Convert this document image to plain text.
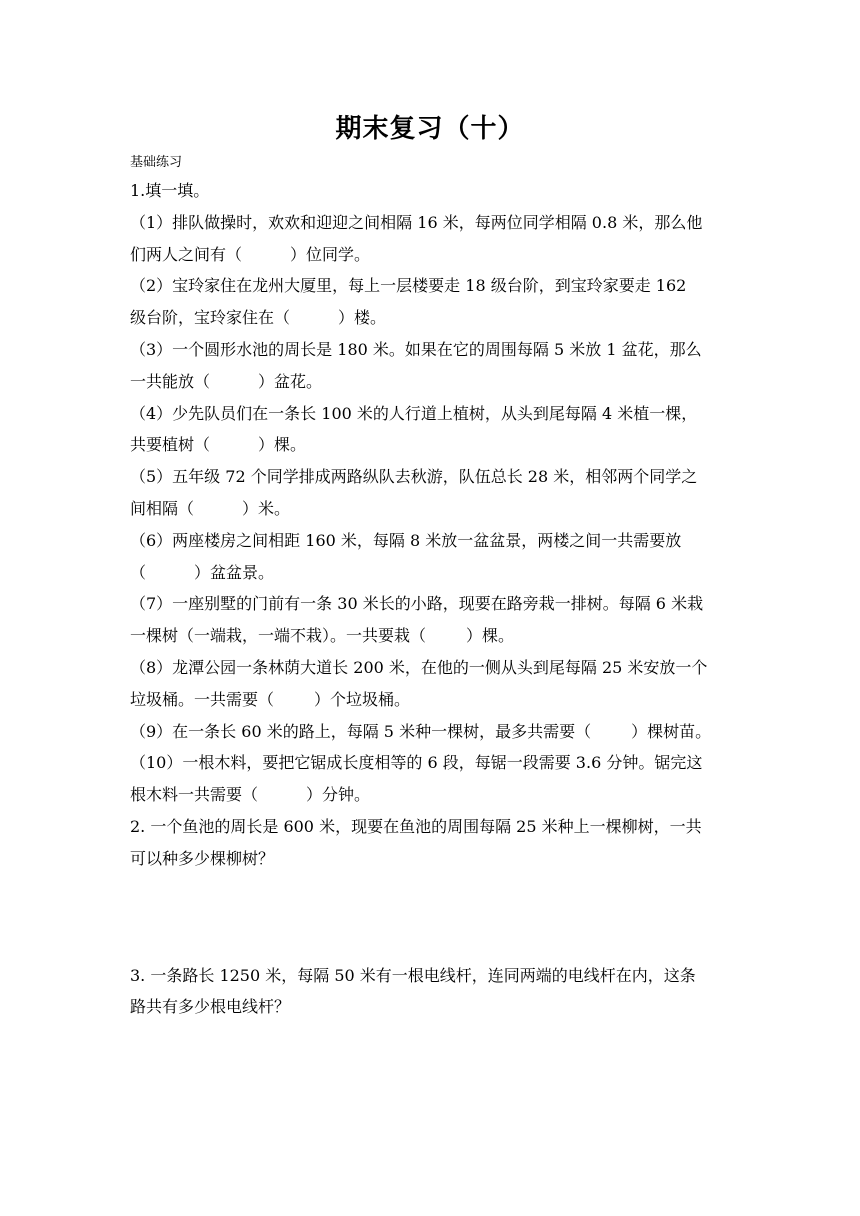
期末复习（十）
基础练习
1.填一填。
（1）排队做操时，欢欢和迎迎之间相隔 16 米，每两位同学相隔 0.8 米，那么他
们两人之间有（	）位同学。
（2）宝玲家住在龙州大厦里，每上一层楼要走 18 级台阶，到宝玲家要走 162
级台阶，宝玲家住在（	）楼。
（3）一个圆形水池的周长是 180 米。如果在它的周围每隔 5 米放 1 盆花，那么
一共能放（	）盆花。
（4）少先队员们在一条长 100 米的人行道上植树，从头到尾每隔 4 米植一棵，
共要植树（	）棵。
（5）五年级 72 个同学排成两路纵队去秋游，队伍总长 28 米，相邻两个同学之
间相隔（	）米。
（6）两座楼房之间相距 160 米，每隔 8 米放一盆盆景，两楼之间一共需要放
（	）盆盆景。
（7）一座别墅的门前有一条 30 米长的小路，现要在路旁栽一排树。每隔 6 米栽
一棵树（一端栽，一端不栽）。一共要栽（	）棵。
（8）龙潭公园一条林荫大道长 200 米，在他的一侧从头到尾每隔 25 米安放一个
垃圾桶。一共需要（	）个垃圾桶。
（9）在一条长 60 米的路上，每隔 5 米种一棵树，最多共需要（	）棵树苗。
（10）一根木料，要把它锯成长度相等的 6 段，每锯一段需要 3.6 分钟。锯完这
根木料一共需要（	）分钟。
2. 一个鱼池的周长是 600 米，现要在鱼池的周围每隔 25 米种上一棵柳树，一共
可以种多少棵柳树？
3. 一条路长 1250 米，每隔 50 米有一根电线杆，连同两端的电线杆在内，这条
路共有多少根电线杆？
